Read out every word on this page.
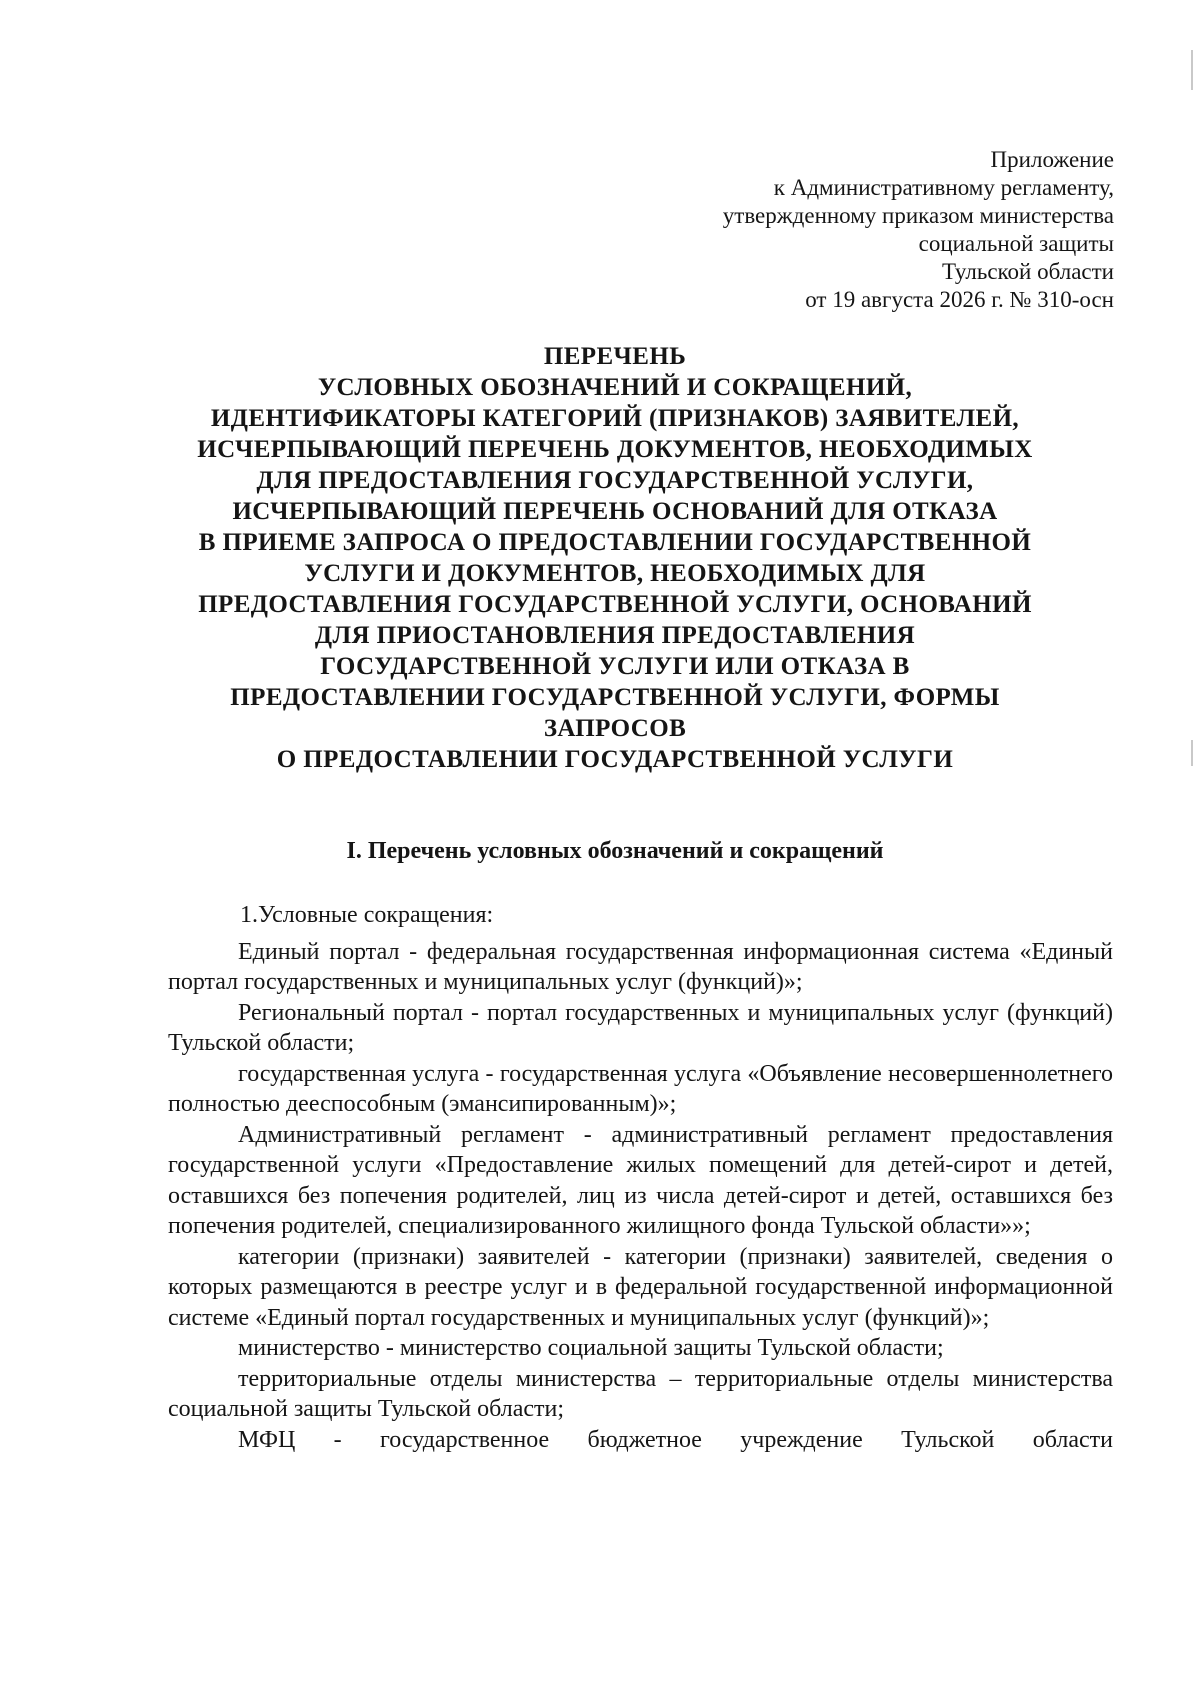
Приложение
к Административному регламенту,
утвержденному приказом министерства
социальной защиты
Тульской области
от 19 августа 2026 г. № 310-осн
ПЕРЕЧЕНЬ
УСЛОВНЫХ ОБОЗНАЧЕНИЙ И СОКРАЩЕНИЙ,
ИДЕНТИФИКАТОРЫ КАТЕГОРИЙ (ПРИЗНАКОВ) ЗАЯВИТЕЛЕЙ,
ИСЧЕРПЫВАЮЩИЙ ПЕРЕЧЕНЬ ДОКУМЕНТОВ, НЕОБХОДИМЫХ
ДЛЯ ПРЕДОСТАВЛЕНИЯ ГОСУДАРСТВЕННОЙ УСЛУГИ,
ИСЧЕРПЫВАЮЩИЙ ПЕРЕЧЕНЬ ОСНОВАНИЙ ДЛЯ ОТКАЗА
В ПРИЕМЕ ЗАПРОСА О ПРЕДОСТАВЛЕНИИ ГОСУДАРСТВЕННОЙ
УСЛУГИ И ДОКУМЕНТОВ, НЕОБХОДИМЫХ ДЛЯ
ПРЕДОСТАВЛЕНИЯ ГОСУДАРСТВЕННОЙ УСЛУГИ, ОСНОВАНИЙ
ДЛЯ ПРИОСТАНОВЛЕНИЯ ПРЕДОСТАВЛЕНИЯ
ГОСУДАРСТВЕННОЙ УСЛУГИ ИЛИ ОТКАЗА В
ПРЕДОСТАВЛЕНИИ ГОСУДАРСТВЕННОЙ УСЛУГИ, ФОРМЫ
ЗАПРОСОВ
О ПРЕДОСТАВЛЕНИИ ГОСУДАРСТВЕННОЙ УСЛУГИ
I. Перечень условных обозначений и сокращений

1.Условные сокращения:

Единый портал - федеральная государственная информационная система «Единый портал государственных и муниципальных услуг (функций)»;

Региональный портал - портал государственных и муниципальных услуг (функций) Тульской области;

государственная услуга - государственная услуга «Объявление несовершеннолетнего полностью дееспособным (эмансипированным)»;

Административный регламент - административный регламент предоставления государственной услуги «Предоставление жилых помещений для детей-сирот и детей, оставшихся без попечения родителей, лиц из числа детей-сирот и детей, оставшихся без попечения родителей, специализированного жилищного фонда Тульской области»»;

категории (признаки) заявителей - категории (признаки) заявителей, сведения о которых размещаются в реестре услуг и в федеральной государственной информационной системе «Единый портал государственных и муниципальных услуг (функций)»;

министерство - министерство социальной защиты Тульской области;

территориальные отделы министерства – территориальные отделы министерства социальной защиты Тульской области;

МФЦ - государственное бюджетное учреждение Тульской области
